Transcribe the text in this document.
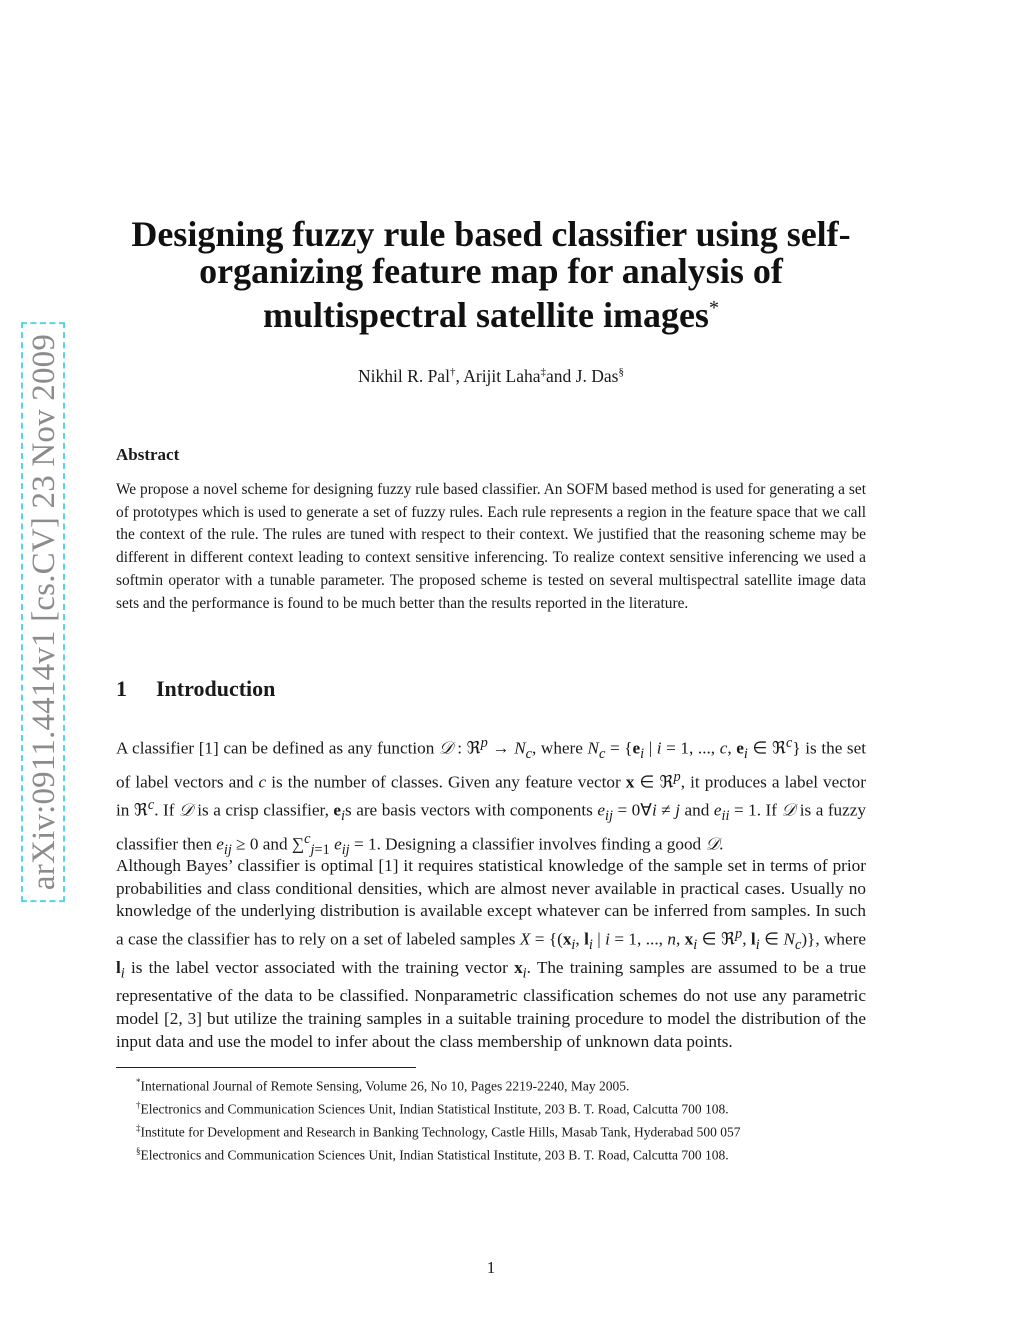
arXiv:0911.4414v1 [cs.CV] 23 Nov 2009
Designing fuzzy rule based classifier using self-organizing feature map for analysis of multispectral satellite images*
Nikhil R. Pal†, Arijit Laha‡and J. Das§
Abstract

We propose a novel scheme for designing fuzzy rule based classifier. An SOFM based method is used for generating a set of prototypes which is used to generate a set of fuzzy rules. Each rule represents a region in the feature space that we call the context of the rule. The rules are tuned with respect to their context. We justified that the reasoning scheme may be different in different context leading to context sensitive inferencing. To realize context sensitive inferencing we used a softmin operator with a tunable parameter. The proposed scheme is tested on several multispectral satellite image data sets and the performance is found to be much better than the results reported in the literature.

1 Introduction

A classifier [1] can be defined as any function 𝒟 : ℜ$^p$ → $N_c$, where $N_c = \{e_i$ | i = 1, ..., c, $e_i$ ∈ ℜ$^c$} is the set of label vectors and c is the number of classes. Given any feature vector x ∈ ℜ$^p$, it produces a label vector in ℜ$^c$. If 𝒟 is a crisp classifier, $e_is$ are basis vectors with components $e_{ij}$ = 0∀i ≠ j and $e_{ii} = 1$. If 𝒟 is a fuzzy classifier then $e_{ij} \ge 0$ and ∑$^c_{j=1}$ $e_{ij} = 1$. Designing a classifier involves finding a good 𝒟.

Although Bayes’ classifier is optimal [1] it requires statistical knowledge of the sample set in terms of prior probabilities and class conditional densities, which are almost never available in practical cases. Usually no knowledge of the underlying distribution is available except whatever can be inferred from samples. In such a case the classifier has to rely on a set of labeled samples $X = \{(x_i$, $l_i$ | i = 1, ..., n, $x_i$ ∈ ℜ$^p$, $l_i$ ∈ $N_c$)}, where $l_i$ is the label vector associated with the training vector $x_i$. The training samples are assumed to be a true representative of the data to be classified. Nonparametric classification schemes do not use any parametric model [2, 3] but utilize the training samples in a suitable training procedure to model the distribution of the input data and use the model to infer about the class membership of unknown data points.

*International Journal of Remote Sensing, Volume 26, No 10, Pages 2219-2240, May 2005.

†Electronics and Communication Sciences Unit, Indian Statistical Institute, 203 B. T. Road, Calcutta 700 108.

‡Institute for Development and Research in Banking Technology, Castle Hills, Masab Tank, Hyderabad 500 057

§Electronics and Communication Sciences Unit, Indian Statistical Institute, 203 B. T. Road, Calcutta 700 108.

1
